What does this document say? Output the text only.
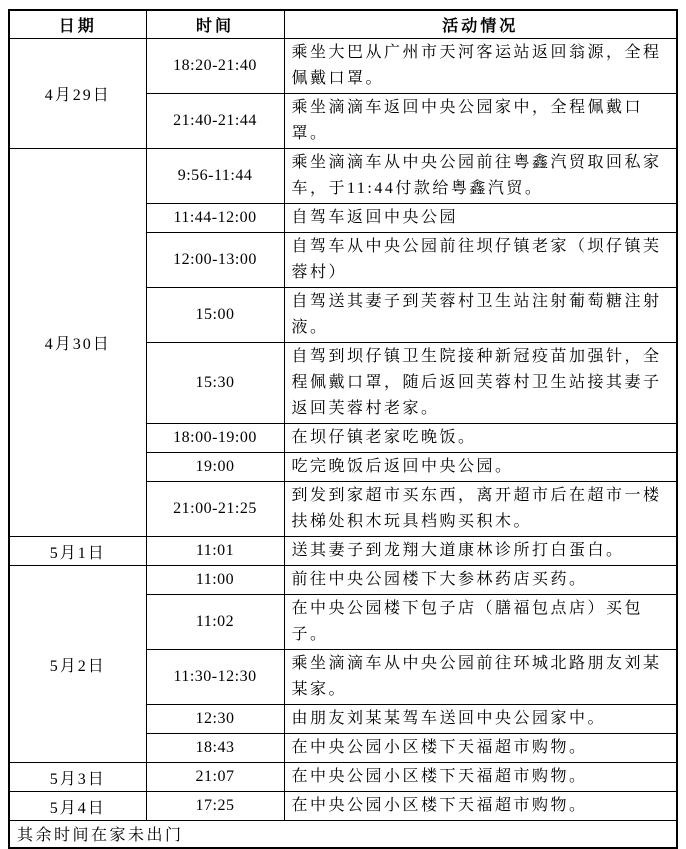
日期	时间	活动情况
4月29日	18:20-21:40	乘坐大巴从广州市天河客运站返回翁源，全程佩戴口罩。
	21:40-21:44	乘坐滴滴车返回中央公园家中，全程佩戴口罩。
4月30日	9:56-11:44	乘坐滴滴车从中央公园前往粤鑫汽贸取回私家车，于11:44付款给粤鑫汽贸。
	11:44-12:00	自驾车返回中央公园
	12:00-13:00	自驾车从中央公园前往坝仔镇老家（坝仔镇芙蓉村）
	15:00	自驾送其妻子到芙蓉村卫生站注射葡萄糖注射液。
	15:30	自驾到坝仔镇卫生院接种新冠疫苗加强针，全程佩戴口罩，随后返回芙蓉村卫生站接其妻子返回芙蓉村老家。
	18:00-19:00	在坝仔镇老家吃晚饭。
	19:00	吃完晚饭后返回中央公园。
	21:00-21:25	到发到家超市买东西，离开超市后在超市一楼扶梯处积木玩具档购买积木。
5月1日	11:01	送其妻子到龙翔大道康林诊所打白蛋白。
5月2日	11:00	前往中央公园楼下大参林药店买药。
	11:02	在中央公园楼下包子店（膳福包点店）买包子。
	11:30-12:30	乘坐滴滴车从中央公园前往环城北路朋友刘某某家。
	12:30	由朋友刘某某驾车送回中央公园家中。
	18:43	在中央公园小区楼下天福超市购物。
5月3日	21:07	在中央公园小区楼下天福超市购物。
5月4日	17:25	在中央公园小区楼下天福超市购物。
其余时间在家未出门		
